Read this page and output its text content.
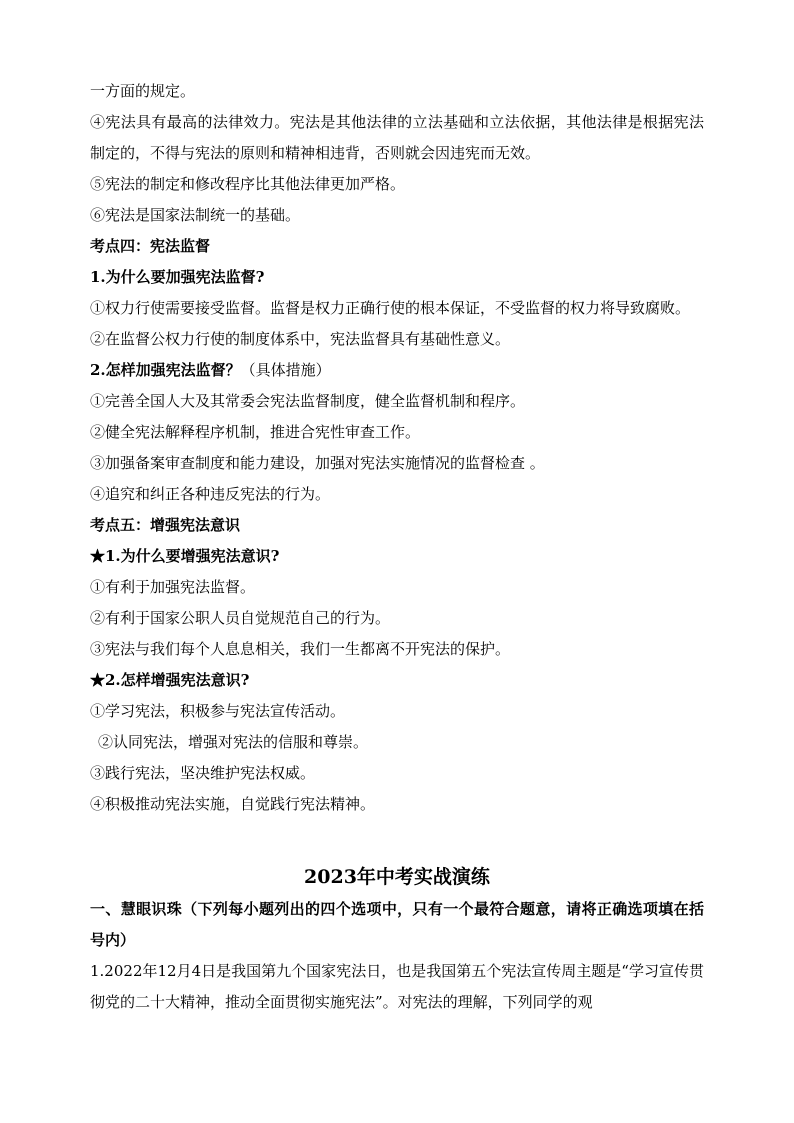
一方面的规定。

④宪法具有最高的法律效力。宪法是其他法律的立法基础和立法依据，其他法律是根据宪法制定的，不得与宪法的原则和精神相违背，否则就会因违宪而无效。

⑤宪法的制定和修改程序比其他法律更加严格。

⑥宪法是国家法制统一的基础。

考点四：宪法监督

1.为什么要加强宪法监督?

①权力行使需要接受监督。监督是权力正确行使的根本保证，不受监督的权力将导致腐败。

②在监督公权力行使的制度体系中，宪法监督具有基础性意义。

2.怎样加强宪法监督？（具体措施）

①完善全国人大及其常委会宪法监督制度，健全监督机制和程序。

②健全宪法解释程序机制，推进合宪性审查工作。

③加强备案审查制度和能力建设，加强对宪法实施情况的监督检查 。

④追究和纠正各种违反宪法的行为。

考点五：增强宪法意识

★1.为什么要增强宪法意识?

①有利于加强宪法监督。

②有利于国家公职人员自觉规范自己的行为。

③宪法与我们每个人息息相关，我们一生都离不开宪法的保护。

★2.怎样增强宪法意识?

①学习宪法，积极参与宪法宣传活动。

②认同宪法，增强对宪法的信服和尊崇。

③践行宪法，坚决维护宪法权威。

④积极推动宪法实施，自觉践行宪法精神。

2023年中考实战演练

一、慧眼识珠（下列每小题列出的四个选项中，只有一个最符合题意，请将正确选项填在括号内）

1.2022年12月4日是我国第九个国家宪法日，也是我国第五个宪法宣传周主题是“学习宣传贯彻党的二十大精神，推动全面贯彻实施宪法”。对宪法的理解，下列同学的观
